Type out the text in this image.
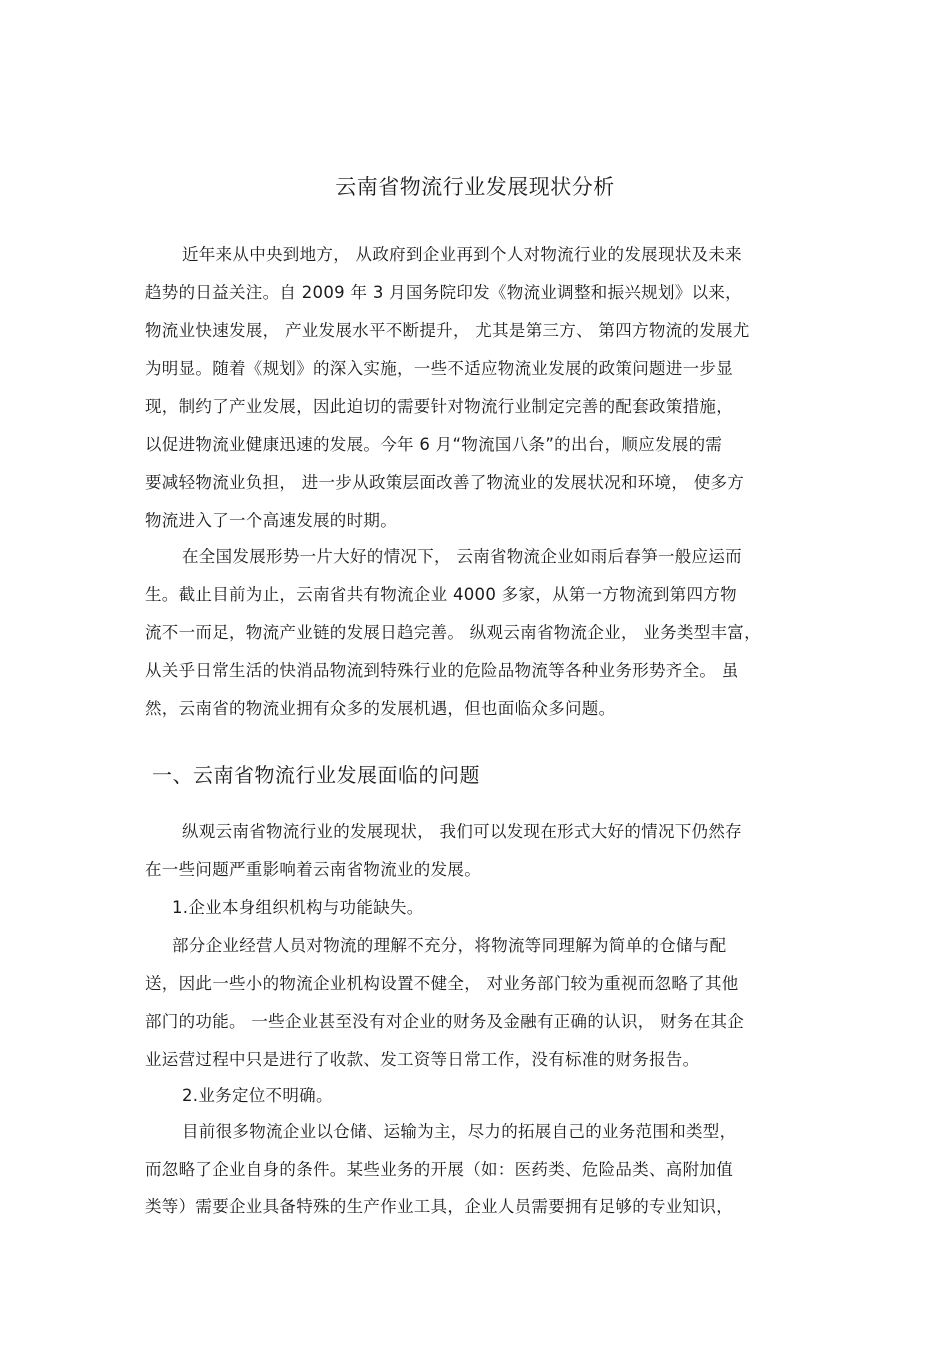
云南省物流行业发展现状分析
近年来从中央到地方， 从政府到企业再到个人对物流行业的发展现状及未来
趋势的日益关注。自 2009 年 3 月国务院印发《物流业调整和振兴规划》以来，
物流业快速发展， 产业发展水平不断提升， 尤其是第三方、 第四方物流的发展尤
为明显。随着《规划》的深入实施，一些不适应物流业发展的政策问题进一步显
现，制约了产业发展，因此迫切的需要针对物流行业制定完善的配套政策措施，
以促进物流业健康迅速的发展。今年 6 月“物流国八条”的出台，顺应发展的需
要减轻物流业负担， 进一步从政策层面改善了物流业的发展状况和环境， 使多方
物流进入了一个高速发展的时期。
在全国发展形势一片大好的情况下， 云南省物流企业如雨后春笋一般应运而
生。截止目前为止，云南省共有物流企业 4000 多家，从第一方物流到第四方物
流不一而足，物流产业链的发展日趋完善。 纵观云南省物流企业， 业务类型丰富，
从关乎日常生活的快消品物流到特殊行业的危险品物流等各种业务形势齐全。 虽
然，云南省的物流业拥有众多的发展机遇，但也面临众多问题。
一、云南省物流行业发展面临的问题
纵观云南省物流行业的发展现状， 我们可以发现在形式大好的情况下仍然存
在一些问题严重影响着云南省物流业的发展。
1.企业本身组织机构与功能缺失。
部分企业经营人员对物流的理解不充分，将物流等同理解为简单的仓储与配
送，因此一些小的物流企业机构设置不健全， 对业务部门较为重视而忽略了其他
部门的功能。 一些企业甚至没有对企业的财务及金融有正确的认识， 财务在其企
业运营过程中只是进行了收款、发工资等日常工作，没有标准的财务报告。
2.业务定位不明确。
目前很多物流企业以仓储、运输为主，尽力的拓展自己的业务范围和类型，
而忽略了企业自身的条件。某些业务的开展（如：医药类、危险品类、高附加值
类等）需要企业具备特殊的生产作业工具，企业人员需要拥有足够的专业知识，
